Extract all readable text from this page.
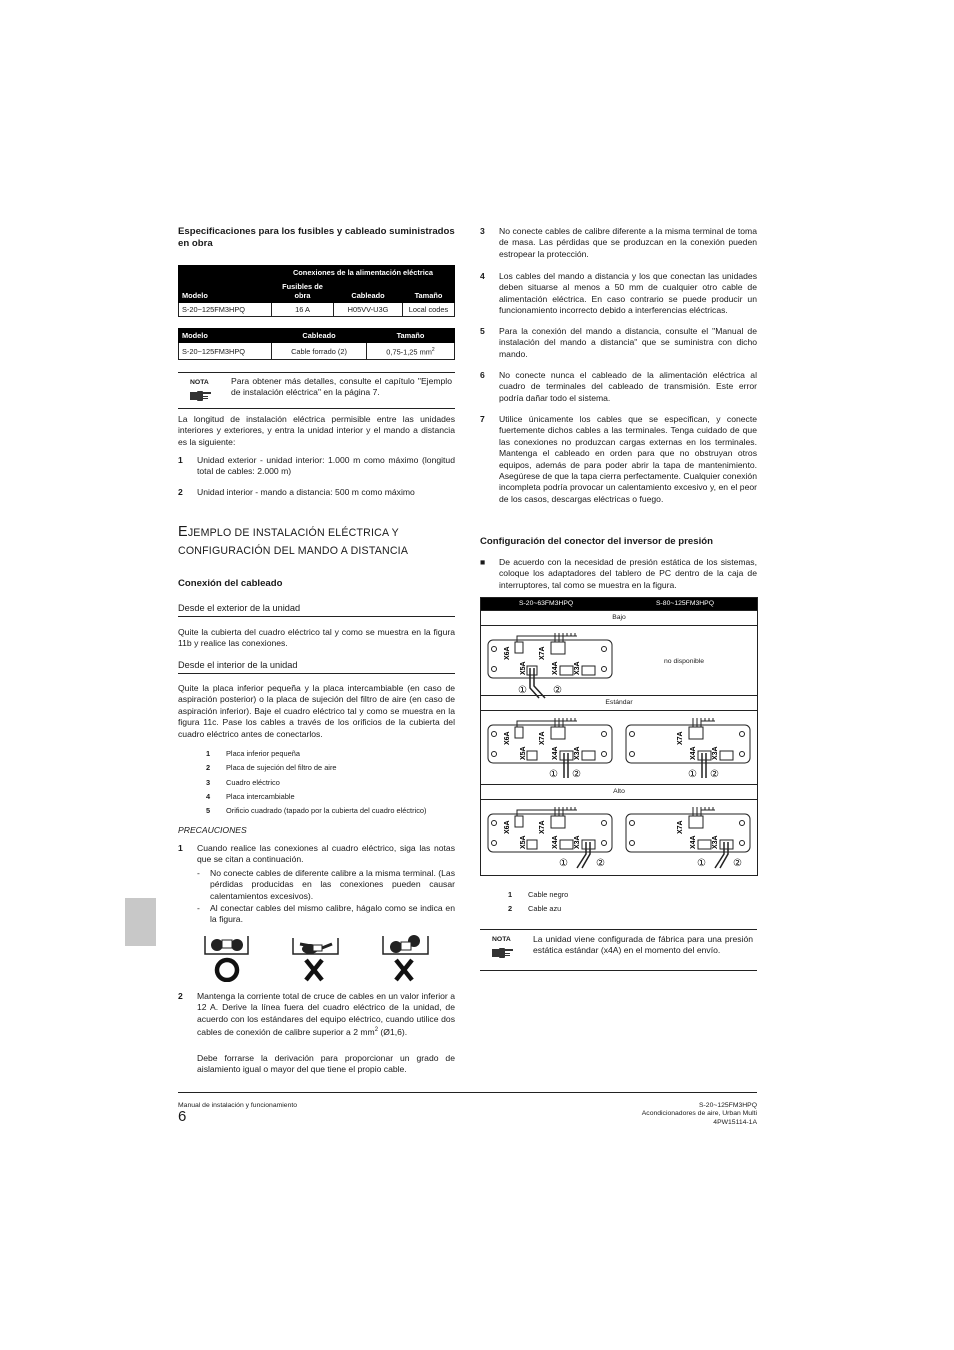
Especificaciones para los fusibles y cableado suministrados en obra
	Conexiones de la alimentación eléctrica		
Modelo	Fusibles de obra	Cableado	Tamaño
S-20~125FM3HPQ	16 A	H05VV-U3G	Local codes
Modelo	Cableado	Tamaño
S-20~125FM3HPQ	Cable forrado (2)	0,75-1,25 $mm^2$
NOTA	Para obtener más detalles, consulte el capítulo "Ejemplo de instalación eléctrica" en la página 7.
La longitud de instalación eléctrica permisible entre las unidades interiores y exteriores, y entra la unidad interior y el mando a distancia es la siguiente:
1 Unidad exterior - unidad interior: 1.000 m como máximo (longitud total de cables: 2.000 m)
2 Unidad interior - mando a distancia: 500 m como máximo
EJEMPLO DE INSTALACIÓN ELÉCTRICA Y
CONFIGURACIÓN DEL MANDO A DISTANCIA
Conexión del cableado
Desde el exterior de la unidad
Quite la cubierta del cuadro eléctrico tal y como se muestra en la figura 11b y realice las conexiones.
Desde el interior de la unidad
Quite la placa inferior pequeña y la placa intercambiable (en caso de aspiración posterior) o la placa de sujeción del filtro de aire (en caso de aspiración inferior). Baje el cuadro eléctrico tal y como se muestra en la figura 11c. Pase los cables a través de los orificios de la cubierta del cuadro eléctrico antes de conectarlos.
1 Placa inferior pequeña
2 Placa de sujeción del filtro de aire
3 Cuadro eléctrico
4 Placa intercambiable
5 Orificio cuadrado (tapado por la cubierta del cuadro eléctrico)
PRECAUCIONES
1 Cuando realice las conexiones al cuadro eléctrico, siga las notas que se citan a continuación.
- No conecte cables de diferente calibre a la misma terminal. (Las pérdidas producidas en las conexiones pueden causar calentamientos excesivos).
- Al conectar cables del mismo calibre, hágalo como se indica en la figura.
2 Mantenga la corriente total de cruce de cables en un valor inferior a 12 A. Derive la línea fuera del cuadro eléctrico de la unidad, de acuerdo con los estándares del equipo eléctrico, cuando utilice dos cables de conexión de calibre superior a 2 $mm^2$ (Ø1,6).
Debe forrarse la derivación para proporcionar un grado de aislamiento igual o mayor del que tiene el propio cable.
3 No conecte cables de calibre diferente a la misma terminal de toma de masa. Las pérdidas que se produzcan en la conexión pueden estropear la protección.
4 Los cables del mando a distancia y los que conectan las unidades deben situarse al menos a 50 mm de cualquier otro cable de alimentación eléctrica. En caso contrario se puede producir un funcionamiento incorrecto debido a interferencias eléctricas.
5 Para la conexión del mando a distancia, consulte el "Manual de instalación del mando a distancia" que se suministra con dicho mando.
6 No conecte nunca el cableado de la alimentación eléctrica al cuadro de terminales del cableado de transmisión. Este error podría dañar todo el sistema.
7 Utilice únicamente los cables que se especifican, y conecte fuertemente dichos cables a las terminales. Tenga cuidado de que las conexiones no produzcan cargas externas en los terminales. Mantenga el cableado en orden para que no obstruyan otros equipos, además de para poder abrir la tapa de mantenimiento. Asegúrese de que la tapa cierra perfectamente. Cualquier conexión incompleta podría provocar un calentamiento excesivo y, en el peor de los casos, descargas eléctricas o fuego.
Configuración del conector del inversor de presión
■ De acuerdo con la necesidad de presión estática de los sistemas, coloque los adaptadores del tablero de PC dentro de la caja de interruptores, tal como se muestra en la figura.
S-20~63FM3HPQ	S-80~125FM3HPQ
Bajo
Estándar
Alto
no disponible
X6A	X7A
X5A	X4A X3A
①	②
X6A	X7A
X5A	X4A X3A
① ②
X7A
X4A X3A
① ②
X6A	X7A
X5A	X4A X3A
①	②
X7A
X4A X3A
①	②
1 Cable negro
2 Cable azu
NOTA	La unidad viene configurada de fábrica para una presión estática estándar (x4A) en el momento del envío.
Manual de instalación y funcionamiento
6
S-20~125FM3HPQ
Acondicionadores de aire, Urban Multi
4PW15114-1A
